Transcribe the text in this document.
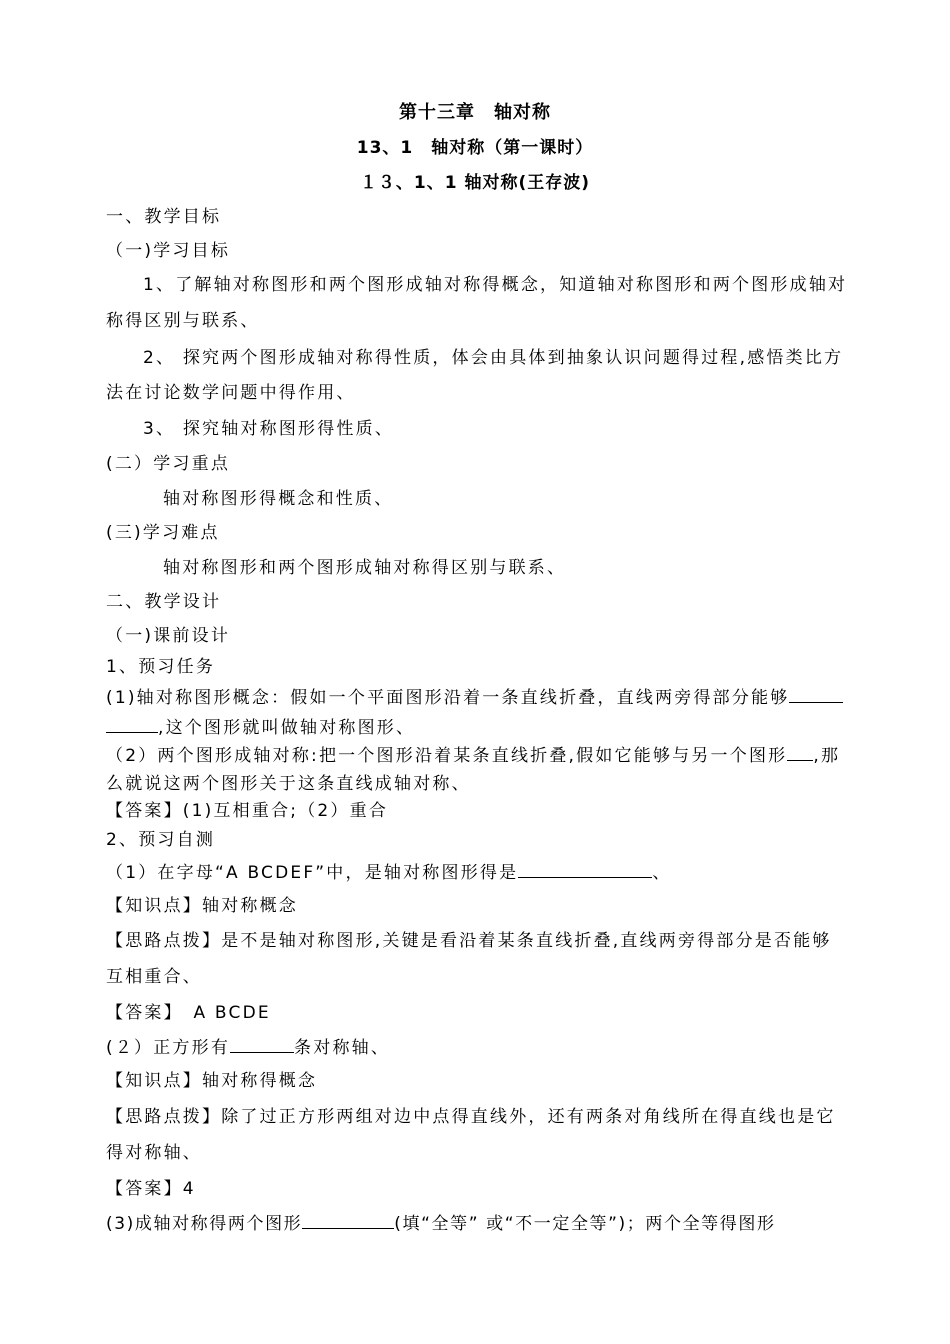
第十三章　轴对称
13、1　轴对称（第一课时）
１３、1、1 轴对称(王存波)
一、教学目标
（一)学习目标
1、了解轴对称图形和两个图形成轴对称得概念，知道轴对称图形和两个图形成轴对
称得区别与联系、
2、 探究两个图形成轴对称得性质，体会由具体到抽象认识问题得过程,感悟类比方
法在讨论数学问题中得作用、
3、 探究轴对称图形得性质、
(二）学习重点
轴对称图形得概念和性质、
(三)学习难点
轴对称图形和两个图形成轴对称得区别与联系、
二、教学设计
（一)课前设计
1、预习任务
(1)轴对称图形概念：假如一个平面图形沿着一条直线折叠，直线两旁得部分能够
,这个图形就叫做轴对称图形、
（2）两个图形成轴对称:把一个图形沿着某条直线折叠,假如它能够与另一个图形 ,那
么就说这两个图形关于这条直线成轴对称、
【答案】(1)互相重合;（2）重合
2、预习自测
（1）在字母“A BCDEF”中，是轴对称图形得是	、
【知识点】轴对称概念
【思路点拨】是不是轴对称图形,关键是看沿着某条直线折叠,直线两旁得部分是否能够
互相重合、
【答案】　A BCDE
(２）正方形有	条对称轴、
【知识点】轴对称得概念
【思路点拨】除了过正方形两组对边中点得直线外，还有两条对角线所在得直线也是它
得对称轴、
【答案】4
(3)成轴对称得两个图形	(填“全等” 或“不一定全等”)；两个全等得图形
